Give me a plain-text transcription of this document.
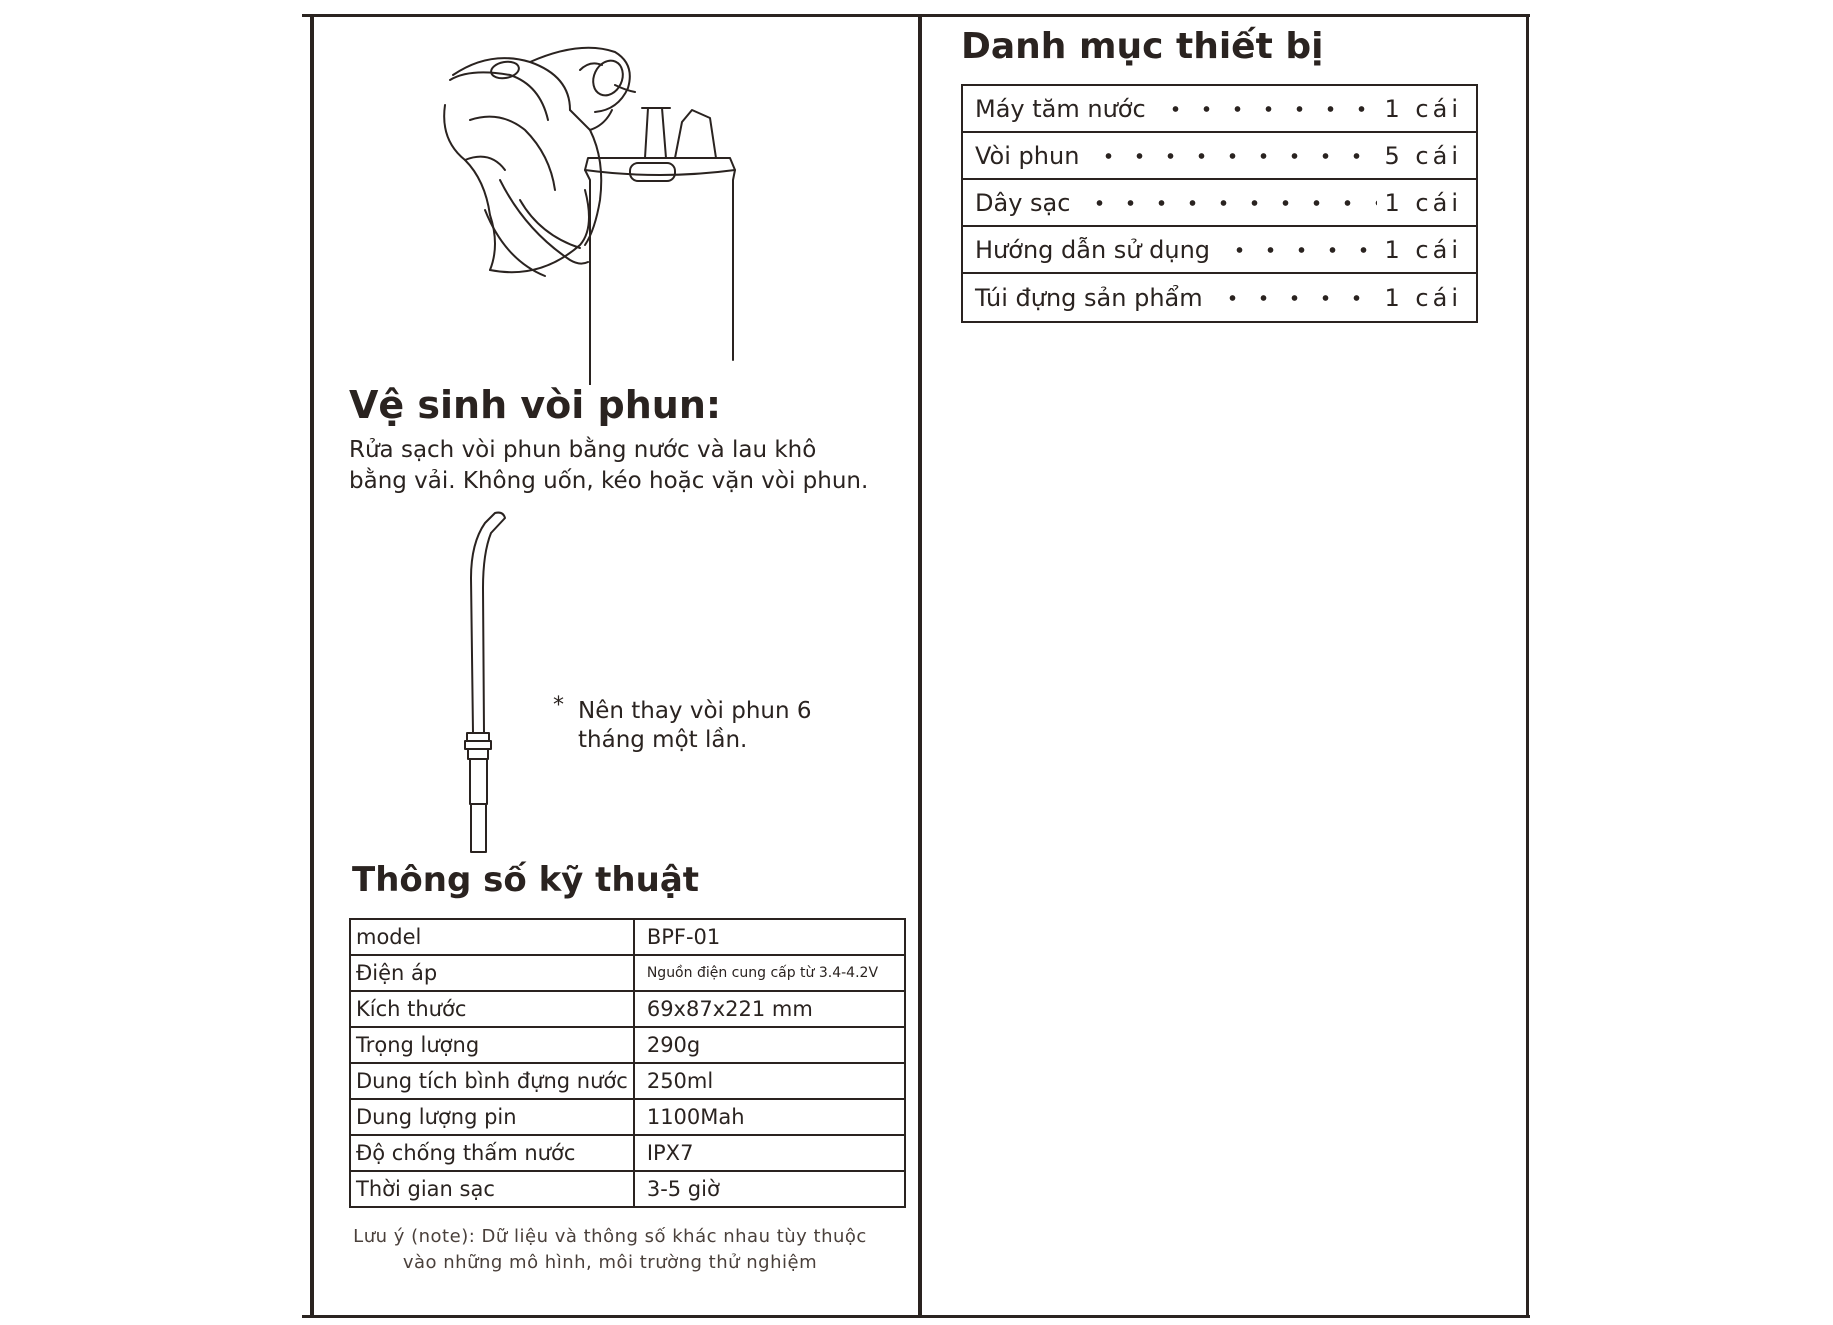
Vệ sinh vòi phun:
Rửa sạch vòi phun bằng nước và lau khô bằng vải. Không uốn, kéo hoặc vặn vòi phun.
* Nên thay vòi phun 6 tháng một lần.
Thông số kỹ thuật
model	BPF-01
Điện áp	Nguồn điện cung cấp từ 3.4-4.2V
Kích thước	69x87x221 mm
Trọng lượng	290g
Dung tích bình đựng nước	250ml
Dung lượng pin	1100Mah
Độ chống thấm nước	IPX7
Thời gian sạc	3-5 giờ
Lưu ý (note): Dữ liệu và thông số khác nhau tùy thuộc vào những mô hình, môi trường thử nghiệm
Danh mục thiết bị
Máy tăm nước	1 cái
Vòi phun	5 cái
Dây sạc	1 cái
Hướng dẫn sử dụng	1 cái
Túi đựng sản phẩm	1 cái
